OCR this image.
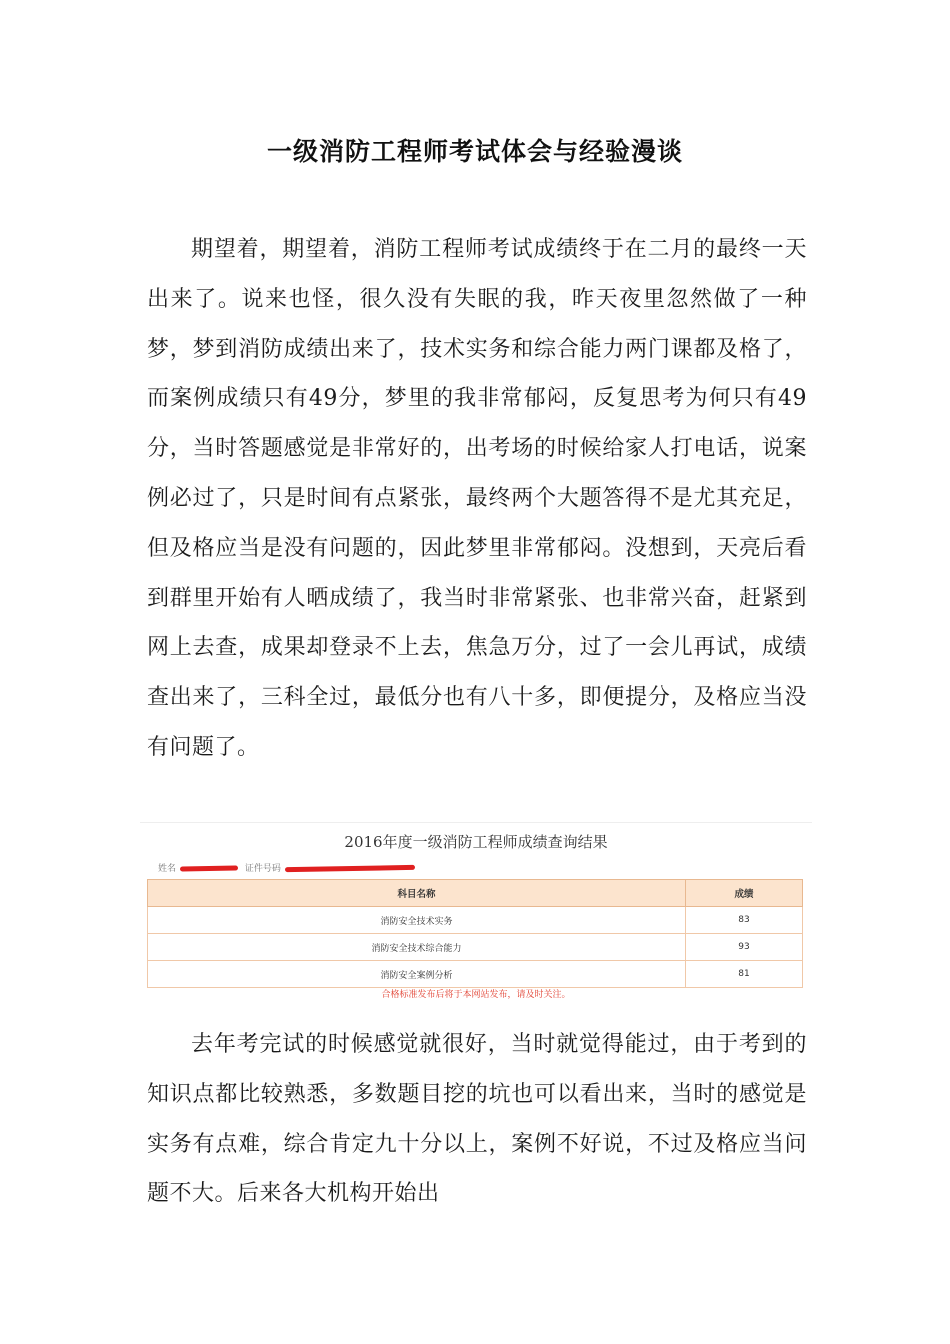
一级消防工程师考试体会与经验漫谈

期望着，期望着，消防工程师考试成绩终于在二月的最终一天出来了。说来也怪，很久没有失眠的我，昨天夜里忽然做了一种梦，梦到消防成绩出来了，技术实务和综合能力两门课都及格了，而案例成绩只有49分，梦里的我非常郁闷，反复思考为何只有49分，当时答题感觉是非常好的，出考场的时候给家人打电话，说案例必过了，只是时间有点紧张，最终两个大题答得不是尤其充足，但及格应当是没有问题的，因此梦里非常郁闷。没想到，天亮后看到群里开始有人晒成绩了，我当时非常紧张、也非常兴奋，赶紧到网上去查，成果却登录不上去，焦急万分，过了一会儿再试，成绩查出来了，三科全过，最低分也有八十多，即便提分，及格应当没有问题了。

2016年度一级消防工程师成绩查询结果
姓名	证件号码
科目名称	成绩
消防安全技术实务	83
消防安全技术综合能力	93
消防安全案例分析	81
合格标准发布后将于本网站发布，请及时关注。

去年考完试的时候感觉就很好，当时就觉得能过，由于考到的知识点都比较熟悉，多数题目挖的坑也可以看出来，当时的感觉是实务有点难，综合肯定九十分以上，案例不好说，不过及格应当问题不大。后来各大机构开始出
